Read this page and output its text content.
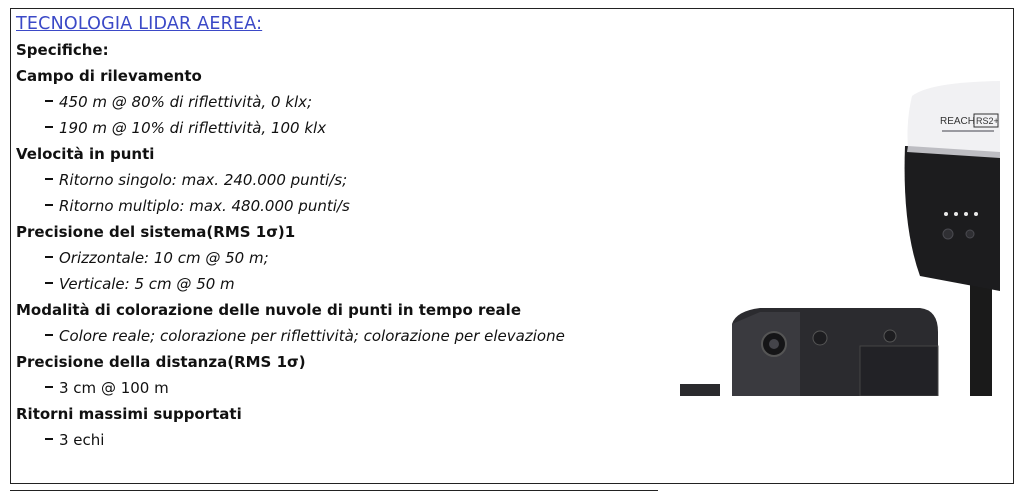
TECNOLOGIA LIDAR AEREA:
Specifiche:
Campo di rilevamento
450 m @ 80% di riflettività, 0 klx;
190 m @ 10% di riflettività, 100 klx
Velocità in punti
Ritorno singolo: max. 240.000 punti/s;
Ritorno multiplo: max. 480.000 punti/s
Precisione del sistema(RMS 1σ)1
Orizzontale: 10 cm @ 50 m;
Verticale: 5 cm @ 50 m
Modalità di colorazione delle nuvole di punti in tempo reale
Colore reale; colorazione per riflettività; colorazione per elevazione
Precisione della distanza(RMS 1σ)
3 cm @ 100 m
Ritorni massimi supportati
3 echi
REACH RS2+
